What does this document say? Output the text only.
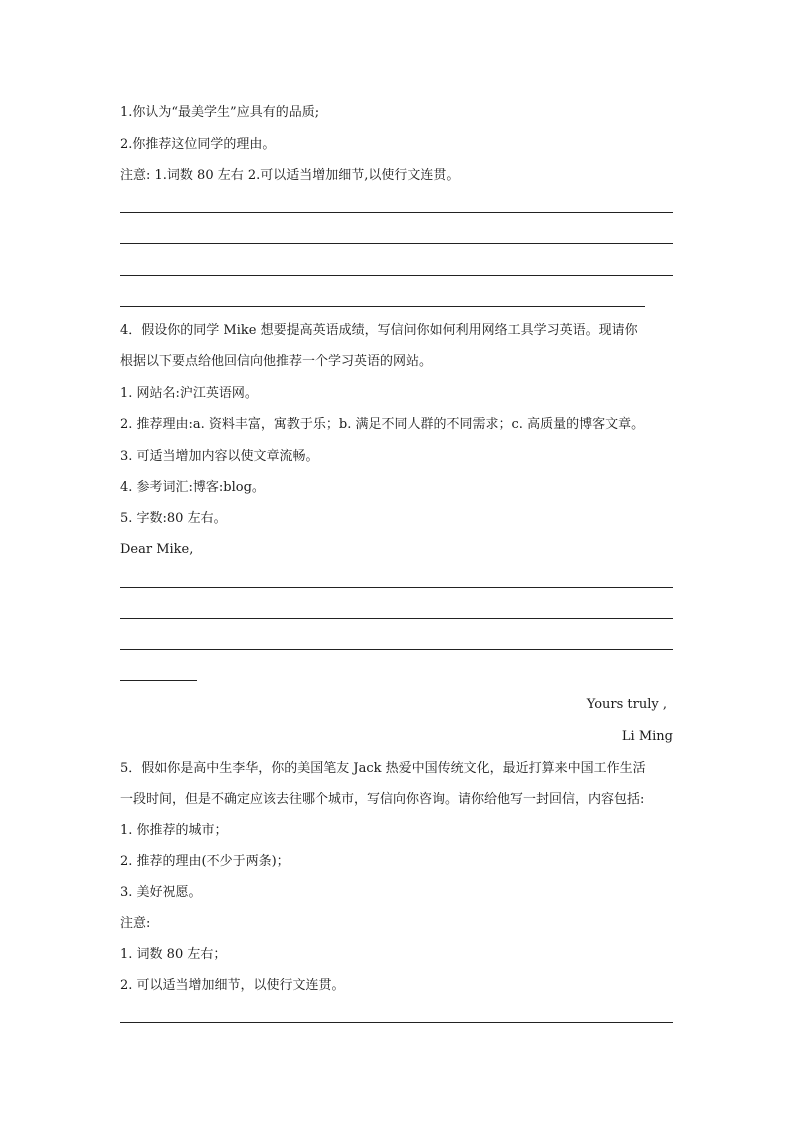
1.你认为“最美学生”应具有的品质;
2.你推荐这位同学的理由。
注意: 1.词数 80 左右 2.可以适当增加细节,以使行文连贯。
4．假设你的同学 Mike 想要提高英语成绩，写信问你如何利用网络工具学习英语。现请你
根据以下要点给他回信向他推荐一个学习英语的网站。
1. 网站名:沪江英语网。
2. 推荐理由:a. 资料丰富，寓教于乐；b. 满足不同人群的不同需求；c. 高质量的博客文章。
3. 可适当增加内容以使文章流畅。
4. 参考词汇:博客:blog。
5. 字数:80 左右。
Dear Mike,
Yours truly ,
Li Ming
5．假如你是高中生李华，你的美国笔友 Jack 热爱中国传统文化，最近打算来中国工作生活
一段时间，但是不确定应该去往哪个城市，写信向你咨询。请你给他写一封回信，内容包括:
1. 你推荐的城市；
2. 推荐的理由(不少于两条)；
3. 美好祝愿。
注意:
1. 词数 80 左右；
2. 可以适当增加细节，以使行文连贯。
